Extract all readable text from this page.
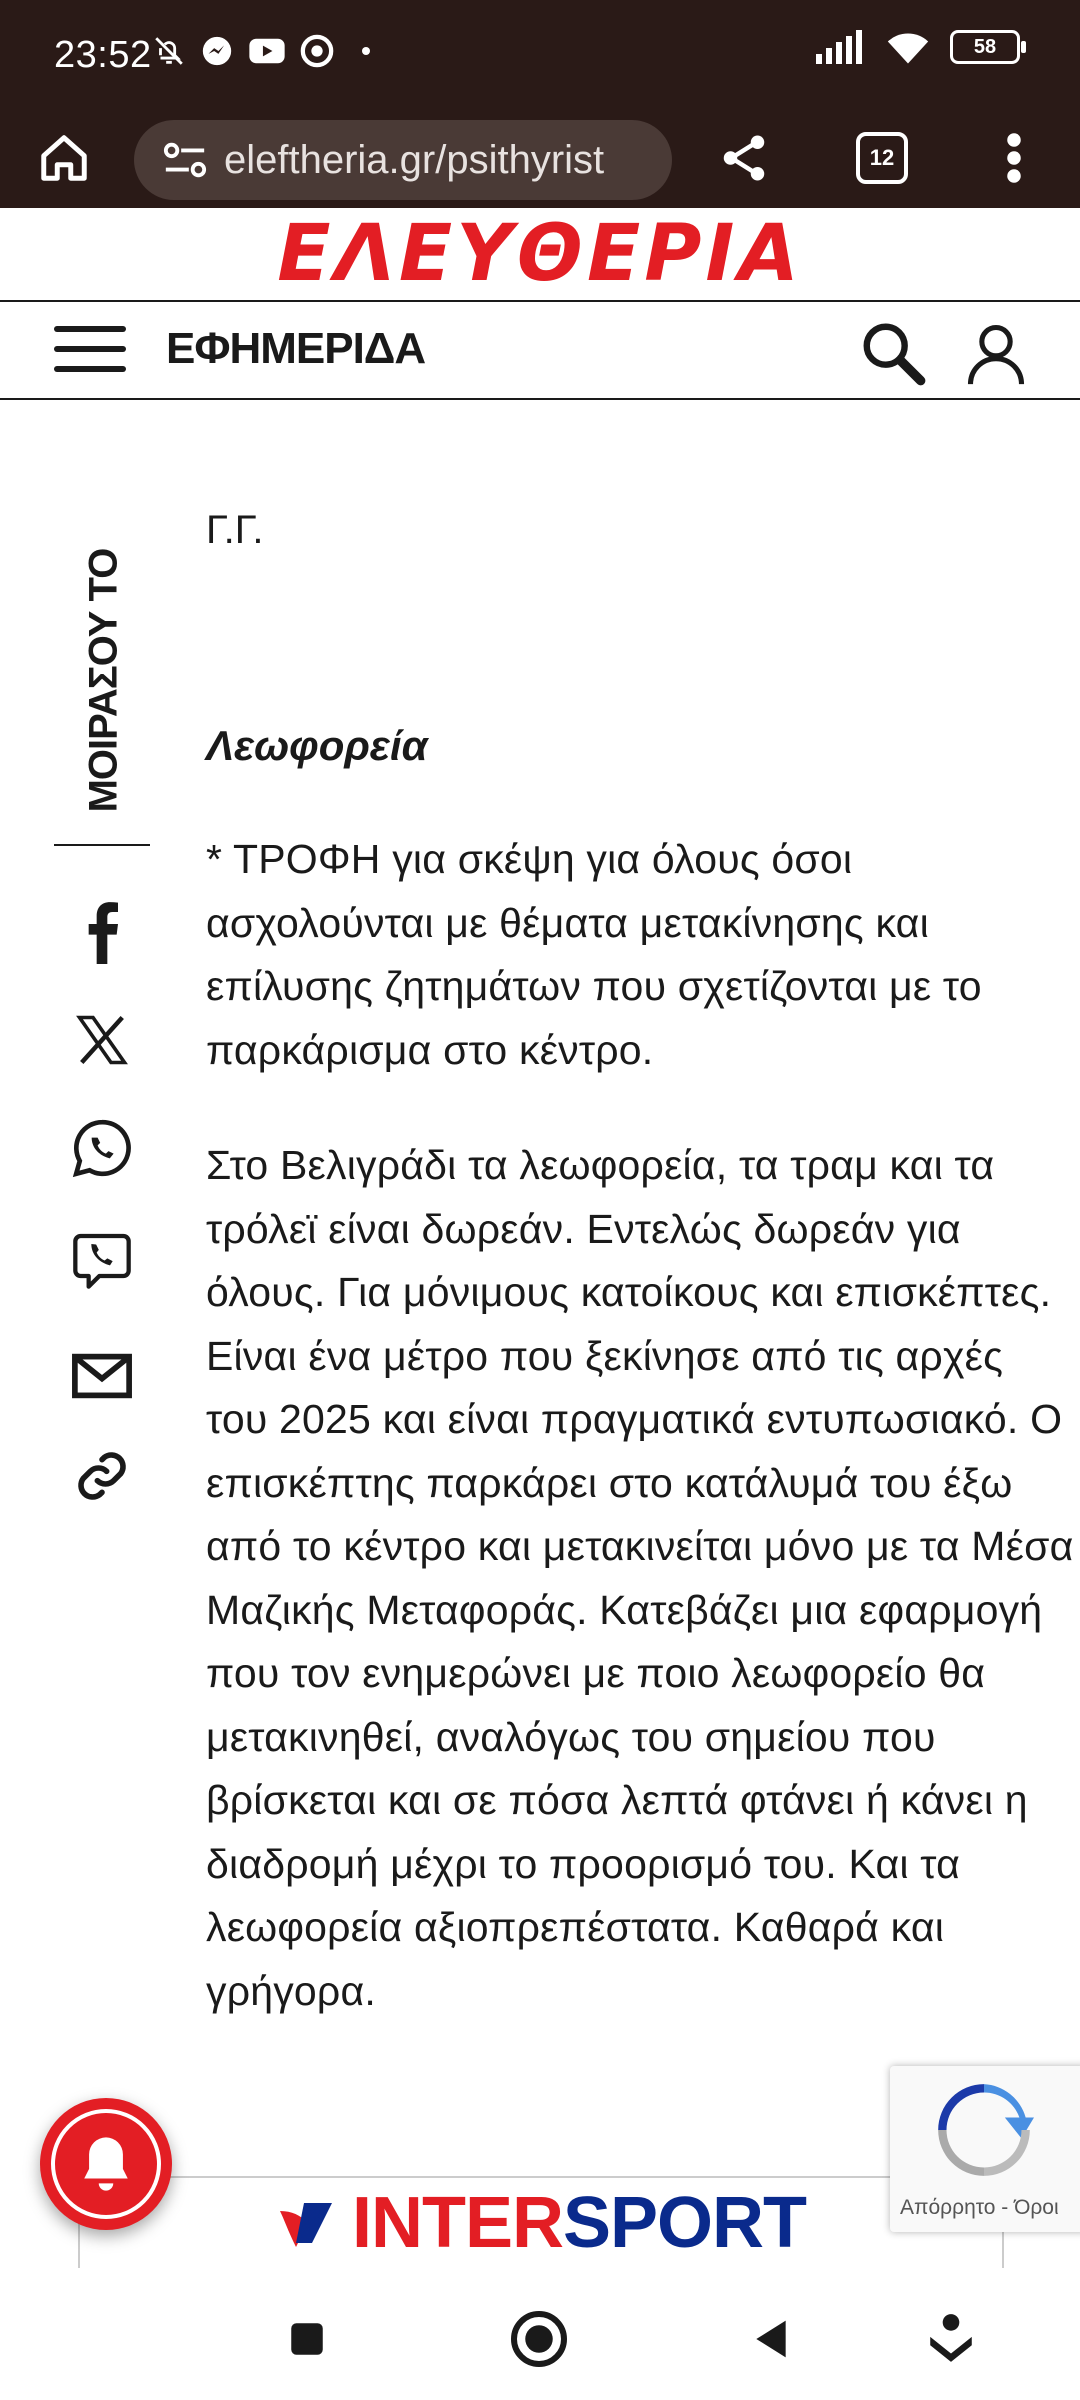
23:52	58
eleftheria.gr/psithyrist	12
ΕΛΕΥΘΕΡΙΑ
ΕΦΗΜΕΡΙΔΑ
ΜΟΙΡΑΣΟΥ ΤΟ
Γ.Γ.
Λεωφορεία

* ΤΡΟΦΗ για σκέψη για όλους όσοι ασχολούνται με θέματα μετακίνησης και επίλυσης ζητημάτων που σχετίζονται με το παρκάρισμα στο κέντρο.

Στο Βελιγράδι τα λεωφορεία, τα τραμ και τα τρόλεϊ είναι δωρεάν. Εντελώς δωρεάν για όλους. Για μόνιμους κατοίκους και επισκέπτες. Είναι ένα μέτρο που ξεκίνησε από τις αρχές του 2025 και είναι πραγματικά εντυπωσιακό. Ο επισκέπτης παρκάρει στο κατάλυμά του έξω από το κέντρο και μετακινείται μόνο με τα Μέσα Μαζικής Μεταφοράς. Κατεβάζει μια εφαρμογή που τον ενημερώνει με ποιο λεωφορείο θα μετακινηθεί, αναλόγως του σημείου που βρίσκεται και σε πόσα λεπτά φτάνει ή κάνει η διαδρομή μέχρι το προορισμό του. Και τα λεωφορεία αξιοπρεπέστατα. Καθαρά και γρήγορα.

INTERSPORT	Απόρρητο - Όροι
